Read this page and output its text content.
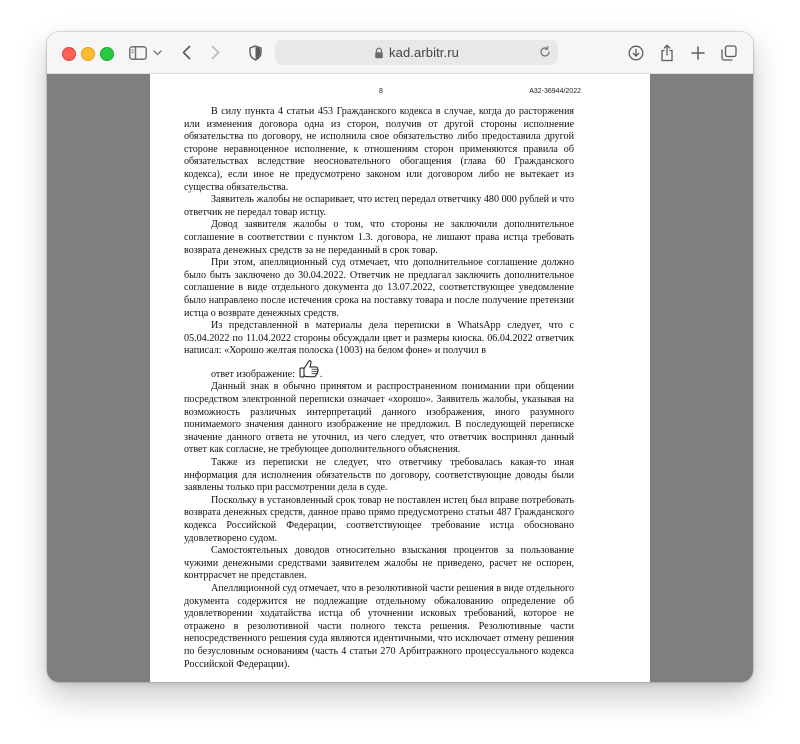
kad.arbitr.ru
8	А32-36944/2022

В силу пункта 4 статьи 453 Гражданского кодекса в случае, когда до расторжения или изменения договора одна из сторон, получив от другой стороны исполнение обязательства по договору, не исполнила свое обязательство либо предоставила другой стороне неравноценное исполнение, к отношениям сторон применяются правила об обязательствах вследствие неосновательного обогащения (глава 60 Гражданского кодекса), если иное не предусмотрено законом или договором либо не вытекает из существа обязательства.

Заявитель жалобы не оспаривает, что истец передал ответчику 480 000 рублей и что ответчик не передал товар истцу.

Довод заявителя жалобы о том, что стороны не заключили дополнительное соглашение в соответствии с пунктом 1.3. договора, не лишают права истца требовать возврата денежных средств за не переданный в срок товар.

При этом, апелляционный суд отмечает, что дополнительное соглашение должно было быть заключено до 30.04.2022. Ответчик не предлагал заключить дополнительное соглашение в виде отдельного документа до 13.07.2022, соответствующее уведомление было направлено после истечения срока на поставку товара и после получение претензии истца о возврате денежных средств.

Из представленной в материалы дела переписки в WhatsApp следует, что с 05.04.2022 по 11.04.2022 стороны обсуждали цвет и размеры киоска. 06.04.2022 ответчик написал: «Хорошо желтая полоска (1003) на белом фоне» и получил в

ответ изображение: .

Данный знак в обычно принятом и распространенном понимании при общении посредством электронной переписки означает «хорошо». Заявитель жалобы, указывая на возможность различных интерпретаций данного изображения, иного разумного понимаемого значения данного изображение не предложил. В последующей переписке значение данного ответа не уточнил, из чего следует, что ответчик воспринял данный ответ как согласие, не требующее дополнительного объяснения.

Также из переписки не следует, что ответчику требовалась какая-то иная информация для исполнения обязательств по договору, соответствующие доводы были заявлены только при рассмотрении дела в суде.

Поскольку в установленный срок товар не поставлен истец был вправе потребовать возврата денежных средств, данное право прямо предусмотрено статьи 487 Гражданского кодекса Российской Федерации, соответствующее требование истца обосновано удовлетворено судом.

Самостоятельных доводов относительно взыскания процентов за пользование чужими денежными средствами заявителем жалобы не приведено, расчет не оспорен, контррасчет не представлен.

Апелляционной суд отмечает, что в резолютивной части решения в виде отдельного документа содержится не подлежащие отдельному обжалованию определение об удовлетворении ходатайства истца об уточнении исковых требований, которое не отражено в резолютивной части полного текста решения. Резолютивные части непосредственного решения суда являются идентичными, что исключает отмену решения по безусловным основаниям (часть 4 статьи 270 Арбитражного процессуального кодекса Российской Федерации).
